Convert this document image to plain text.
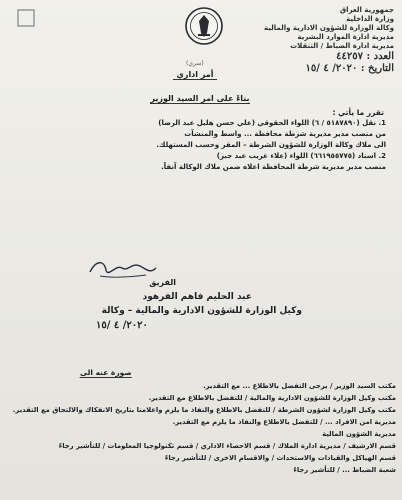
جمهورية العراق
وزارة الداخلية
وكالة الوزارة للشؤون الادارية والمالية
مديرية ادارة الموارد البشرية
مديرية ادارة الضباط / التنقلات
العدد : ٤٤٢٥٧
التاريخ : ٢٠٢٠/ ٤ /١٥
(سري)
أمر اداري
بناءً على امر السيد الوزير
تقرر ما يأتي :
1. نقل (٥١٨٧٨٩٠ / ٦) اللواء الحقوقي (علي حسن هليل عبد الرضا)
من منصب مدير مديرية شرطة محافظة ... واسط والمنشآت
الى ملاك وكالة الوزارة للشؤون الشرطة – المقر وحسب المستهلك.
2. اسناد (٦٦١٩٥٥٧٧٥) اللواء (علاء غريب عبد جبر)
منصب مدير مديرية شرطة المحافظة اعلاه ضمن ملاك الوكالة آنفاً.
الفريق
عبد الحليم فاهم الفرهود
وكيل الوزارة للشؤون الادارية والمالية – وكالة
٢٠٢٠/ ٤ /١٥
صورة عنه الى
مكتب السيد الوزير / يرجى التفضل بالاطلاع ... مع التقدير.
مكتب وكيل الوزارة للشؤون الادارية والمالية / للتفضل بالاطلاع مع التقدير.
مكتب وكيل الوزارة لشؤون الشرطة / للتفضل بالاطلاع والنفاذ ما يلزم واعلامنا بتاريخ الانفكاك والالتحاق مع التقدير.
مديرية امن الافراد ... / للتفضل بالاطلاع والنفاذ ما يلزم مع التقدير.
مديرية الشؤون المالية
قسم الارشيف / مديرية ادارة الملاك / قسم الاحصاء الاداري / قسم تكنولوجيا المعلومات / للتأشير رجاءً
قسم الهياكل والقيادات والاستحداث / والاقسام الاخرى / للتأشير رجاءً
شعبة الضباط ... / للتأشير رجاءً
